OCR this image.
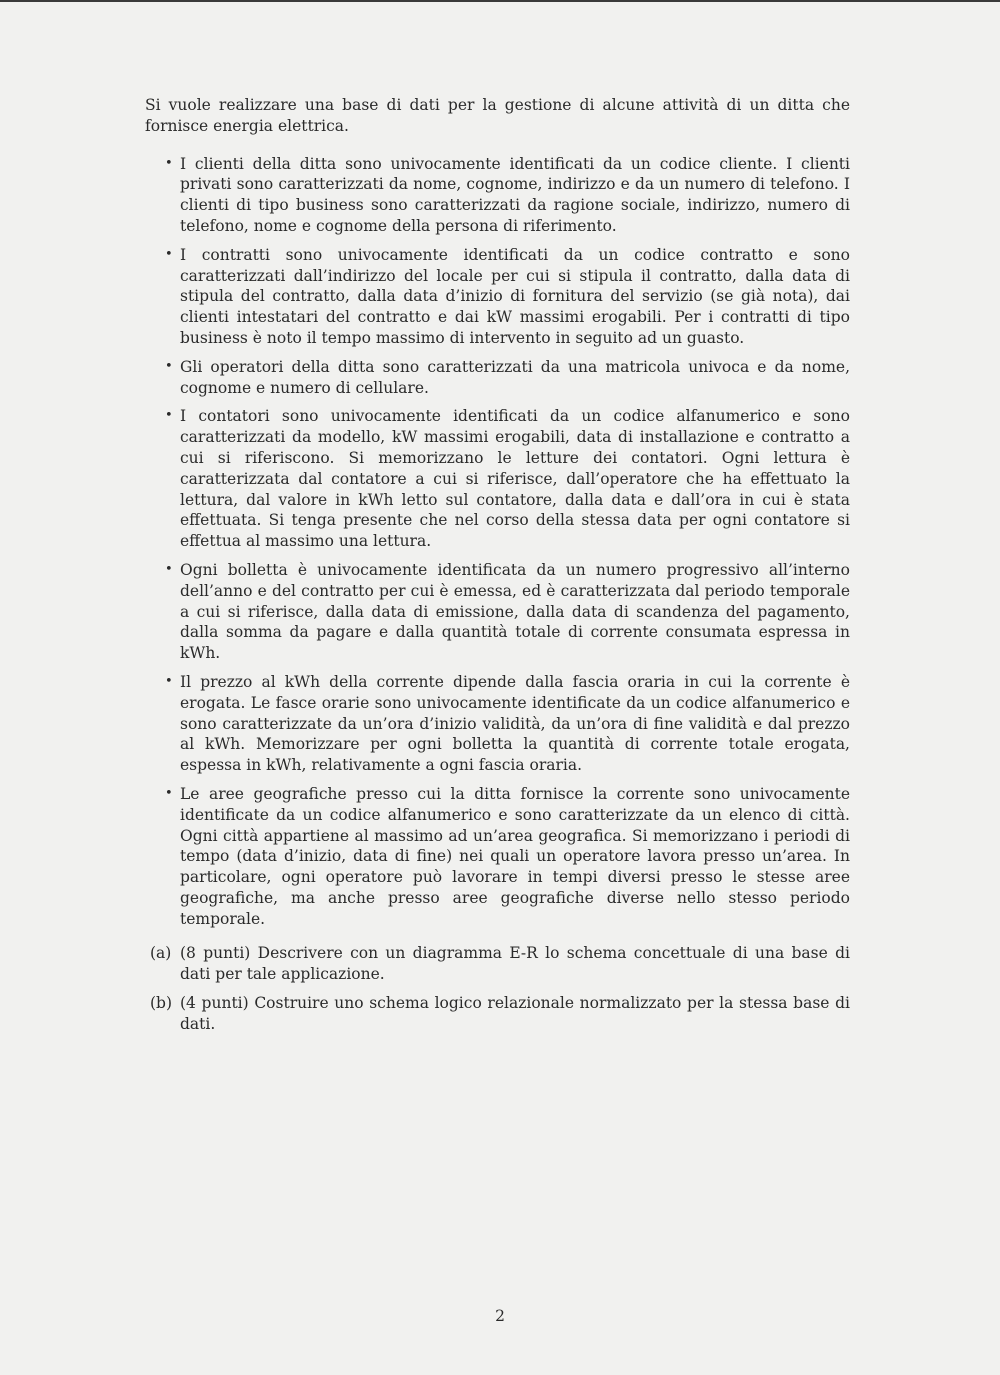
Si vuole realizzare una base di dati per la gestione di alcune attività di un ditta che fornisce energia elettrica.

• I clienti della ditta sono univocamente identificati da un codice cliente. I clienti privati sono caratterizzati da nome, cognome, indirizzo e da un numero di telefono. I clienti di tipo business sono caratterizzati da ragione sociale, indirizzo, numero di telefono, nome e cognome della persona di riferimento.
• I contratti sono univocamente identificati da un codice contratto e sono caratterizzati dall’indirizzo del locale per cui si stipula il contratto, dalla data di stipula del contratto, dalla data d’inizio di fornitura del servizio (se già nota), dai clienti intestatari del contratto e dai kW massimi erogabili. Per i contratti di tipo business è noto il tempo massimo di intervento in seguito ad un guasto.
• Gli operatori della ditta sono caratterizzati da una matricola univoca e da nome, cognome e numero di cellulare.
• I contatori sono univocamente identificati da un codice alfanumerico e sono caratterizzati da modello, kW massimi erogabili, data di installazione e contratto a cui si riferiscono. Si memorizzano le letture dei contatori. Ogni lettura è caratterizzata dal contatore a cui si riferisce, dall’operatore che ha effettuato la lettura, dal valore in kWh letto sul contatore, dalla data e dall’ora in cui è stata effettuata. Si tenga presente che nel corso della stessa data per ogni contatore si effettua al massimo una lettura.
• Ogni bolletta è univocamente identificata da un numero progressivo all’interno dell’anno e del contratto per cui è emessa, ed è caratterizzata dal periodo temporale a cui si riferisce, dalla data di emissione, dalla data di scandenza del pagamento, dalla somma da pagare e dalla quantità totale di corrente consumata espressa in kWh.
• Il prezzo al kWh della corrente dipende dalla fascia oraria in cui la corrente è erogata. Le fasce orarie sono univocamente identificate da un codice alfanumerico e sono caratterizzate da un’ora d’inizio validità, da un’ora di fine validità e dal prezzo al kWh. Memorizzare per ogni bolletta la quantità di corrente totale erogata, espessa in kWh, relativamente a ogni fascia oraria.
• Le aree geografiche presso cui la ditta fornisce la corrente sono univocamente identificate da un codice alfanumerico e sono caratterizzate da un elenco di città. Ogni città appartiene al massimo ad un’area geografica. Si memorizzano i periodi di tempo (data d’inizio, data di fine) nei quali un operatore lavora presso un’area. In particolare, ogni operatore può lavorare in tempi diversi presso le stesse aree geografiche, ma anche presso aree geografiche diverse nello stesso periodo temporale.
(a) (8 punti) Descrivere con un diagramma E-R lo schema concettuale di una base di dati per tale applicazione.
(b) (4 punti) Costruire uno schema logico relazionale normalizzato per la stessa base di dati.
2
